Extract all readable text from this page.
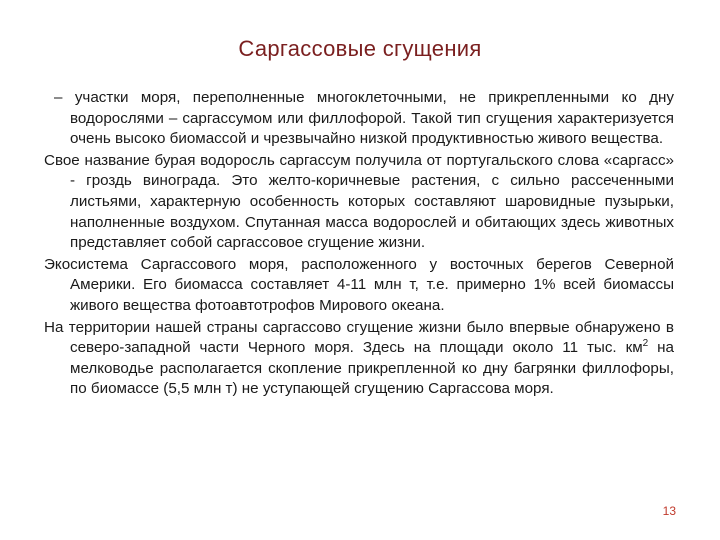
Саргассовые сгущения

– участки моря, переполненные многоклеточными, не прикрепленными ко дну водорослями – саргассумом или филлофорой. Такой тип сгущения характеризуется очень высоко биомассой и чрезвычайно низкой продуктивностью живого вещества.

Свое название бурая водоросль саргассум получила от португальского слова «саргасс» - гроздь винограда. Это желто-коричневые растения, с сильно рассеченными листьями, характерную особенность которых составляют шаровидные пузырьки, наполненные воздухом. Спутанная масса водорослей и обитающих здесь животных представляет собой саргассовое сгущение жизни.

Экосистема Саргассового моря, расположенного у восточных берегов Северной Америки. Его биомасса составляет 4-11 млн т, т.е. примерно 1% всей биомассы живого вещества фотоавтотрофов Мирового океана.

На территории нашей страны саргассово сгущение жизни было впервые обнаружено в северо-западной части Черного моря. Здесь на площади около 11 тыс. $км^2$ на мелководье располагается скопление прикрепленной ко дну багрянки филлофоры, по биомассе (5,5 млн т) не уступающей сгущению Саргассова моря.

13
